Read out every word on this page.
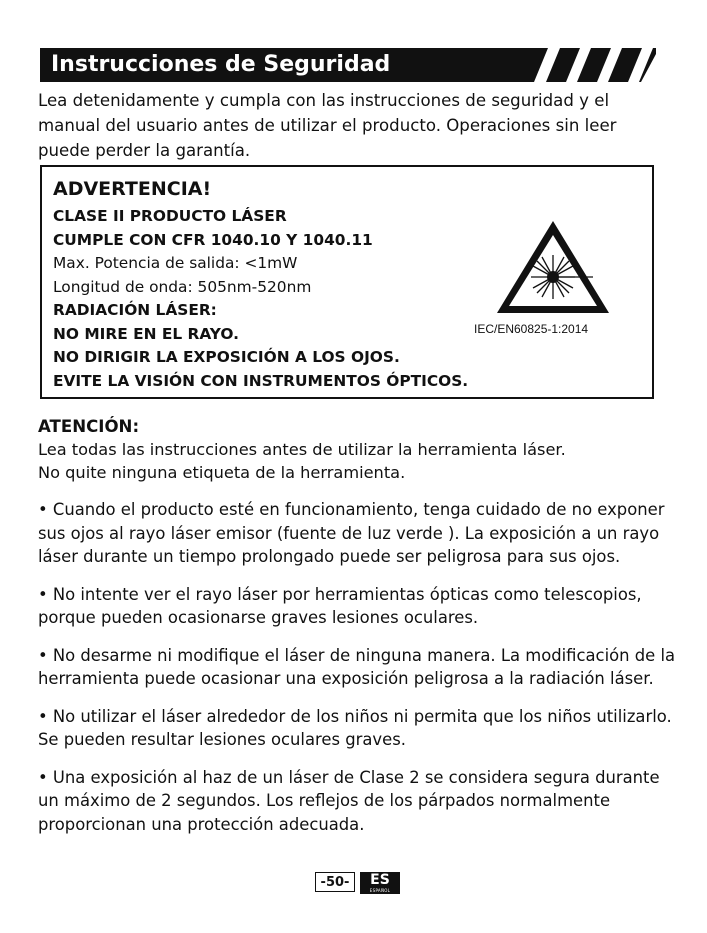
Instrucciones de Seguridad
Lea detenidamente y cumpla con las instrucciones de seguridad y el manual del usuario antes de utilizar el producto. Operaciones sin leer puede perder la garantía.
ADVERTENCIA!
CLASE II PRODUCTO LÁSER
CUMPLE CON CFR 1040.10 Y 1040.11
Max. Potencia de salida: <1mW
Longitud de onda: 505nm-520nm
RADIACIÓN LÁSER:
NO MIRE EN EL RAYO.
NO DIRIGIR LA EXPOSICIÓN A LOS OJOS.
EVITE LA VISIÓN CON INSTRUMENTOS ÓPTICOS.
IEC/EN60825-1:2014
ATENCIÓN:
Lea todas las instrucciones antes de utilizar la herramienta láser.
No quite ninguna etiqueta de la herramienta.

• Cuando el producto esté en funcionamiento, tenga cuidado de no exponer sus ojos al rayo láser emisor (fuente de luz verde ). La exposición a un rayo láser durante un tiempo prolongado puede ser peligrosa para sus ojos.

• No intente ver el rayo láser por herramientas ópticas como telescopios, porque pueden ocasionarse graves lesiones oculares.

• No desarme ni modifique el láser de ninguna manera. La modificación de la herramienta puede ocasionar una exposición peligrosa a la radiación láser.

• No utilizar el láser alrededor de los niños ni permita que los niños utilizarlo. Se pueden resultar lesiones oculares graves.

• Una exposición al haz de un láser de Clase 2 se considera segura durante un máximo de 2 segundos. Los reflejos de los párpados normalmente proporcionan una protección adecuada.

-50-	ES
ESPAÑOL
